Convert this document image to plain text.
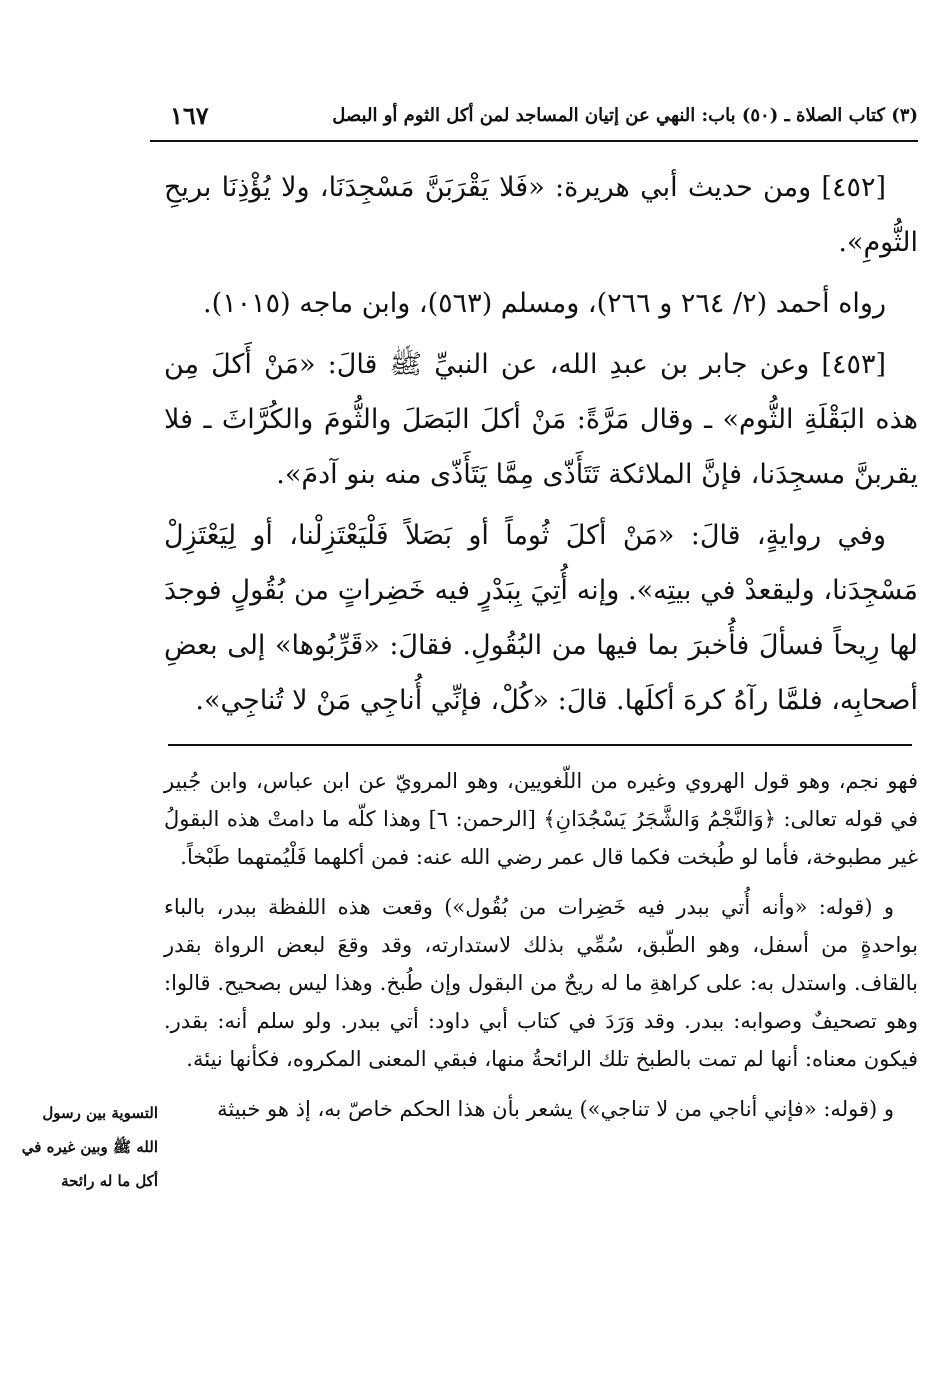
(٣) كتاب الصلاة ـ (٥٠) باب: النهي عن إتيان المساجد لمن أكل الثوم أو البصل
١٦٧

[٤٥٢] ومن حديث أبي هريرة: «فَلا يَقْرَبَنَّ مَسْجِدَنَا، ولا يُؤْذِنَا بريحِ الثُّومِ».

رواه أحمد (٢/ ٢٦٤ و ٢٦٦)، ومسلم (٥٦٣)، وابن ماجه (١٠١٥).

[٤٥٣] وعن جابر بن عبدِ الله، عن النبيِّ ﷺ قالَ: «مَنْ أَكلَ مِن هذه البَقْلَةِ الثُّوم» ـ وقال مَرَّةً: مَنْ أكلَ البَصَلَ والثُّومَ والكُرَّاثَ ـ فلا يقربنَّ مسجِدَنا، فإنَّ الملائكة تَتَأَذّى مِمَّا يَتَأَذّى منه بنو آدمَ».

وفي روايةٍ، قالَ: «مَنْ أكلَ ثُوماً أو بَصَلاً فَلْيَعْتَزِلْنا، أو لِيَعْتَزِلْ مَسْجِدَنا، وليقعدْ في بيتِه». وإنه أُتِيَ بِبَدْرٍ فيه خَضِراتٍ من بُقُولٍ فوجدَ لها رِيحاً فسألَ فأُخبرَ بما فيها من البُقُولِ. فقالَ: «قَرِّبُوها» إلى بعضِ أصحابِه، فلمَّا رآهُ كرهَ أكلَها. قالَ: «كُلْ، فإنِّي أُناجِي مَنْ لا تُناجِي».

فهو نجم، وهو قول الهروي وغيره من اللّغويين، وهو المرويّ عن ابن عباس، وابن جُبير في قوله تعالى: ﴿وَالنَّجْمُ وَالشَّجَرُ يَسْجُدَانِ﴾ [الرحمن: ٦] وهذا كلّه ما دامتْ هذه البقولُ غير مطبوخة، فأما لو طُبخت فكما قال عمر رضي الله عنه: فمن أكلهما فَلْيُمتهما طَبْخاً.

و (قوله: «وأنه أُتي ببدر فيه خَضِرات من بُقُول») وقعت هذه اللفظة ببدر، بالباء بواحدةٍ من أسفل، وهو الطّبق، سُمِّي بذلك لاستدارته، وقد وقعَ لبعض الرواة بقدر بالقاف. واستدل به: على كراهةِ ما له ريحٌ من البقول وإن طُبخ. وهذا ليس بصحيح. قالوا: وهو تصحيفٌ وصوابه: ببدر. وقد وَرَدَ في كتاب أبي داود: أتي ببدر. ولو سلم أنه: بقدر. فيكون معناه: أنها لم تمت بالطبخ تلك الرائحةُ منها، فبقي المعنى المكروه، فكأنها نيئة.

و (قوله: «فإني أناجي من لا تناجي») يشعر بأن هذا الحكم خاصّ به، إذ هو خبيثة

التسوية بين رسول الله ﷺ وبين غيره في أكل ما له رائحة
